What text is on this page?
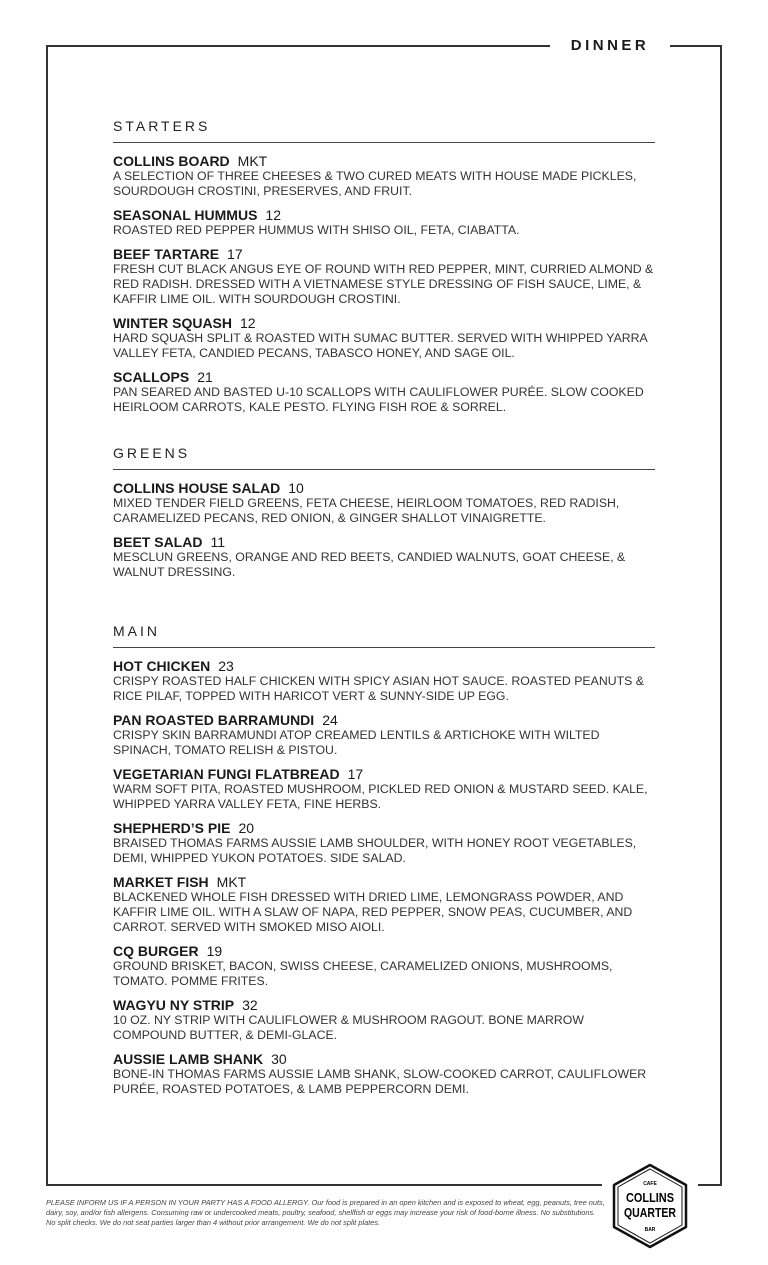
DINNER
STARTERS
COLLINS BOARD MKT
A SELECTION OF THREE CHEESES & TWO CURED MEATS WITH HOUSE MADE PICKLES, SOURDOUGH CROSTINI, PRESERVES, AND FRUIT.
SEASONAL HUMMUS 12
ROASTED RED PEPPER HUMMUS WITH SHISO OIL, FETA, CIABATTA.
BEEF TARTARE 17
FRESH CUT BLACK ANGUS EYE OF ROUND WITH RED PEPPER, MINT, CURRIED ALMOND & RED RADISH. DRESSED WITH A VIETNAMESE STYLE DRESSING OF FISH SAUCE, LIME, & KAFFIR LIME OIL. WITH SOURDOUGH CROSTINI.
WINTER SQUASH 12
HARD SQUASH SPLIT & ROASTED WITH SUMAC BUTTER. SERVED WITH WHIPPED YARRA VALLEY FETA, CANDIED PECANS, TABASCO HONEY, AND SAGE OIL.
SCALLOPS 21
PAN SEARED AND BASTED U-10 SCALLOPS WITH CAULIFLOWER PURÉE. SLOW COOKED HEIRLOOM CARROTS, KALE PESTO. FLYING FISH ROE & SORREL.
GREENS
COLLINS HOUSE SALAD 10
MIXED TENDER FIELD GREENS, FETA CHEESE, HEIRLOOM TOMATOES, RED RADISH, CARAMELIZED PECANS, RED ONION, & GINGER SHALLOT VINAIGRETTE.
BEET SALAD 11
MESCLUN GREENS, ORANGE AND RED BEETS, CANDIED WALNUTS, GOAT CHEESE, & WALNUT DRESSING.
MAIN
HOT CHICKEN 23
CRISPY ROASTED HALF CHICKEN WITH SPICY ASIAN HOT SAUCE. ROASTED PEANUTS & RICE PILAF, TOPPED WITH HARICOT VERT & SUNNY-SIDE UP EGG.
PAN ROASTED BARRAMUNDI 24
CRISPY SKIN BARRAMUNDI ATOP CREAMED LENTILS & ARTICHOKE WITH WILTED SPINACH, TOMATO RELISH & PISTOU.
VEGETARIAN FUNGI FLATBREAD 17
WARM SOFT PITA, ROASTED MUSHROOM, PICKLED RED ONION & MUSTARD SEED. KALE, WHIPPED YARRA VALLEY FETA, FINE HERBS.
SHEPHERD’S PIE 20
BRAISED THOMAS FARMS AUSSIE LAMB SHOULDER, WITH HONEY ROOT VEGETABLES, DEMI, WHIPPED YUKON POTATOES. SIDE SALAD.
MARKET FISH MKT
BLACKENED WHOLE FISH DRESSED WITH DRIED LIME, LEMONGRASS POWDER, AND KAFFIR LIME OIL. WITH A SLAW OF NAPA, RED PEPPER, SNOW PEAS, CUCUMBER, AND CARROT. SERVED WITH SMOKED MISO AIOLI.
CQ BURGER 19
GROUND BRISKET, BACON, SWISS CHEESE, CARAMELIZED ONIONS, MUSHROOMS, TOMATO. POMME FRITES.
WAGYU NY STRIP 32
10 OZ. NY STRIP WITH CAULIFLOWER & MUSHROOM RAGOUT. BONE MARROW COMPOUND BUTTER, & DEMI-GLACE.
AUSSIE LAMB SHANK 30
BONE-IN THOMAS FARMS AUSSIE LAMB SHANK, SLOW-COOKED CARROT, CAULIFLOWER PURÉE, ROASTED POTATOES, & LAMB PEPPERCORN DEMI.
PLEASE INFORM US IF A PERSON IN YOUR PARTY HAS A FOOD ALLERGY. Our food is prepared in an open kitchen and is exposed to wheat, egg, peanuts, tree nuts, dairy, soy, and/or fish allergens. Consuming raw or undercooked meats, poultry, seafood, shellfish or eggs may increase your risk of food-borne illness. No substitutions. No split checks. We do not seat parties larger than 4 without prior arrangement. We do not split plates.
CAFE
COLLINS
QUARTER
BAR
